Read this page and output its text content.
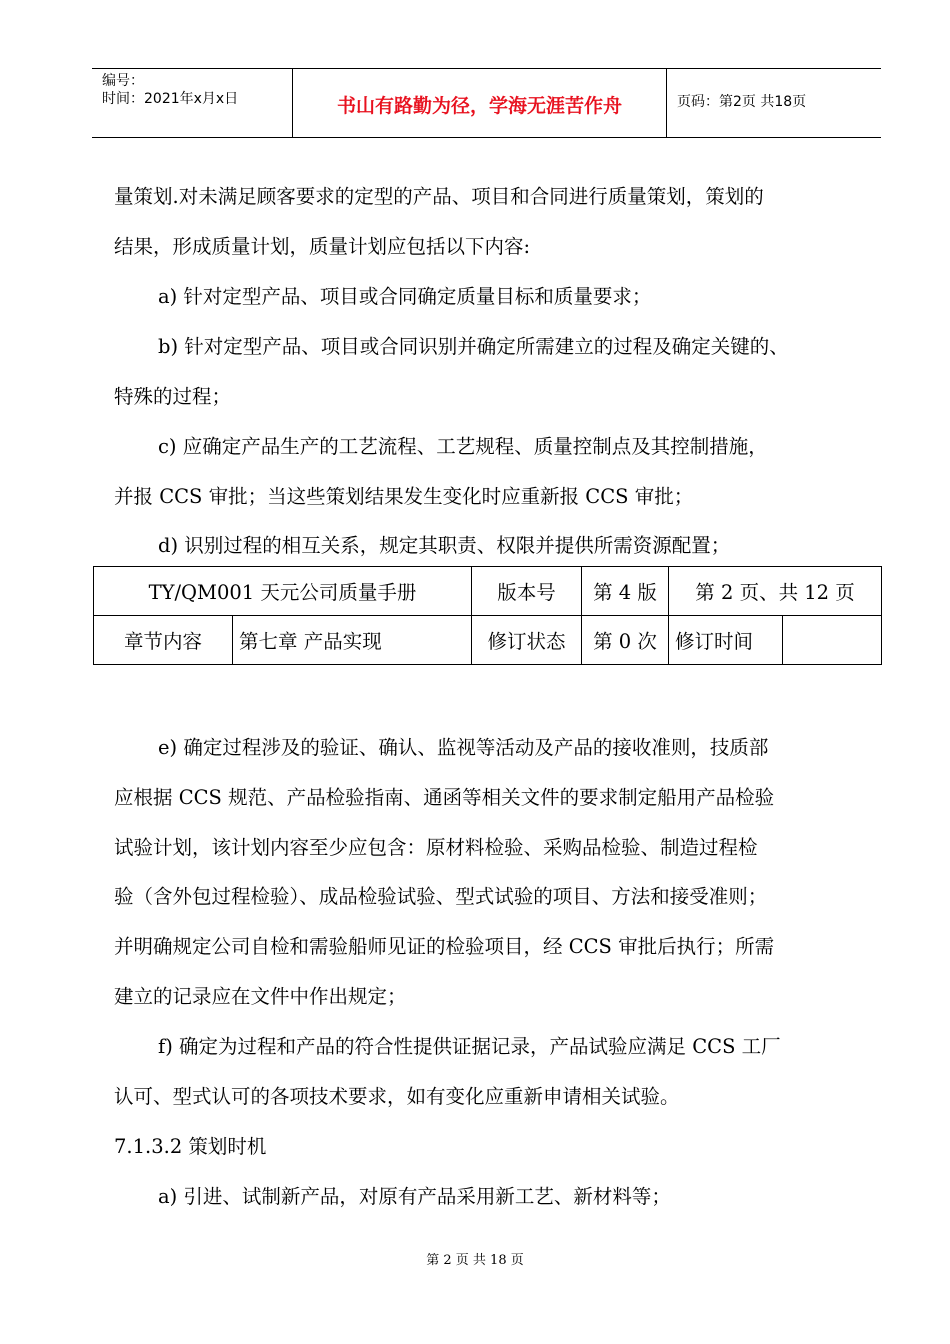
编号：
时间：2021年x月x日	书山有路勤为径，学海无涯苦作舟	页码：第2页 共18页
量策划.对未满足顾客要求的定型的产品、项目和合同进行质量策划，策划的
结果，形成质量计划，质量计划应包括以下内容:
a) 针对定型产品、项目或合同确定质量目标和质量要求；
b) 针对定型产品、项目或合同识别并确定所需建立的过程及确定关键的、
特殊的过程；
c) 应确定产品生产的工艺流程、工艺规程、质量控制点及其控制措施，
并报 CCS 审批；当这些策划结果发生变化时应重新报 CCS 审批；
d) 识别过程的相互关系，规定其职责、权限并提供所需资源配置；
TY/QM001 天元公司质量手册		版本号	第 4 版	第 2 页、共 12 页	
章节内容	第七章 产品实现	修订状态	第 0 次	修订时间	
e) 确定过程涉及的验证、确认、监视等活动及产品的接收准则，技质部
应根据 CCS 规范、产品检验指南、通函等相关文件的要求制定船用产品检验
试验计划，该计划内容至少应包含：原材料检验、采购品检验、制造过程检
验（含外包过程检验）、成品检验试验、型式试验的项目、方法和接受准则；
并明确规定公司自检和需验船师见证的检验项目，经 CCS 审批后执行；所需
建立的记录应在文件中作出规定；
f) 确定为过程和产品的符合性提供证据记录，产品试验应满足 CCS 工厂
认可、型式认可的各项技术要求，如有变化应重新申请相关试验。
7.1.3.2 策划时机
a) 引进、试制新产品，对原有产品采用新工艺、新材料等；
第 2 页 共 18 页
